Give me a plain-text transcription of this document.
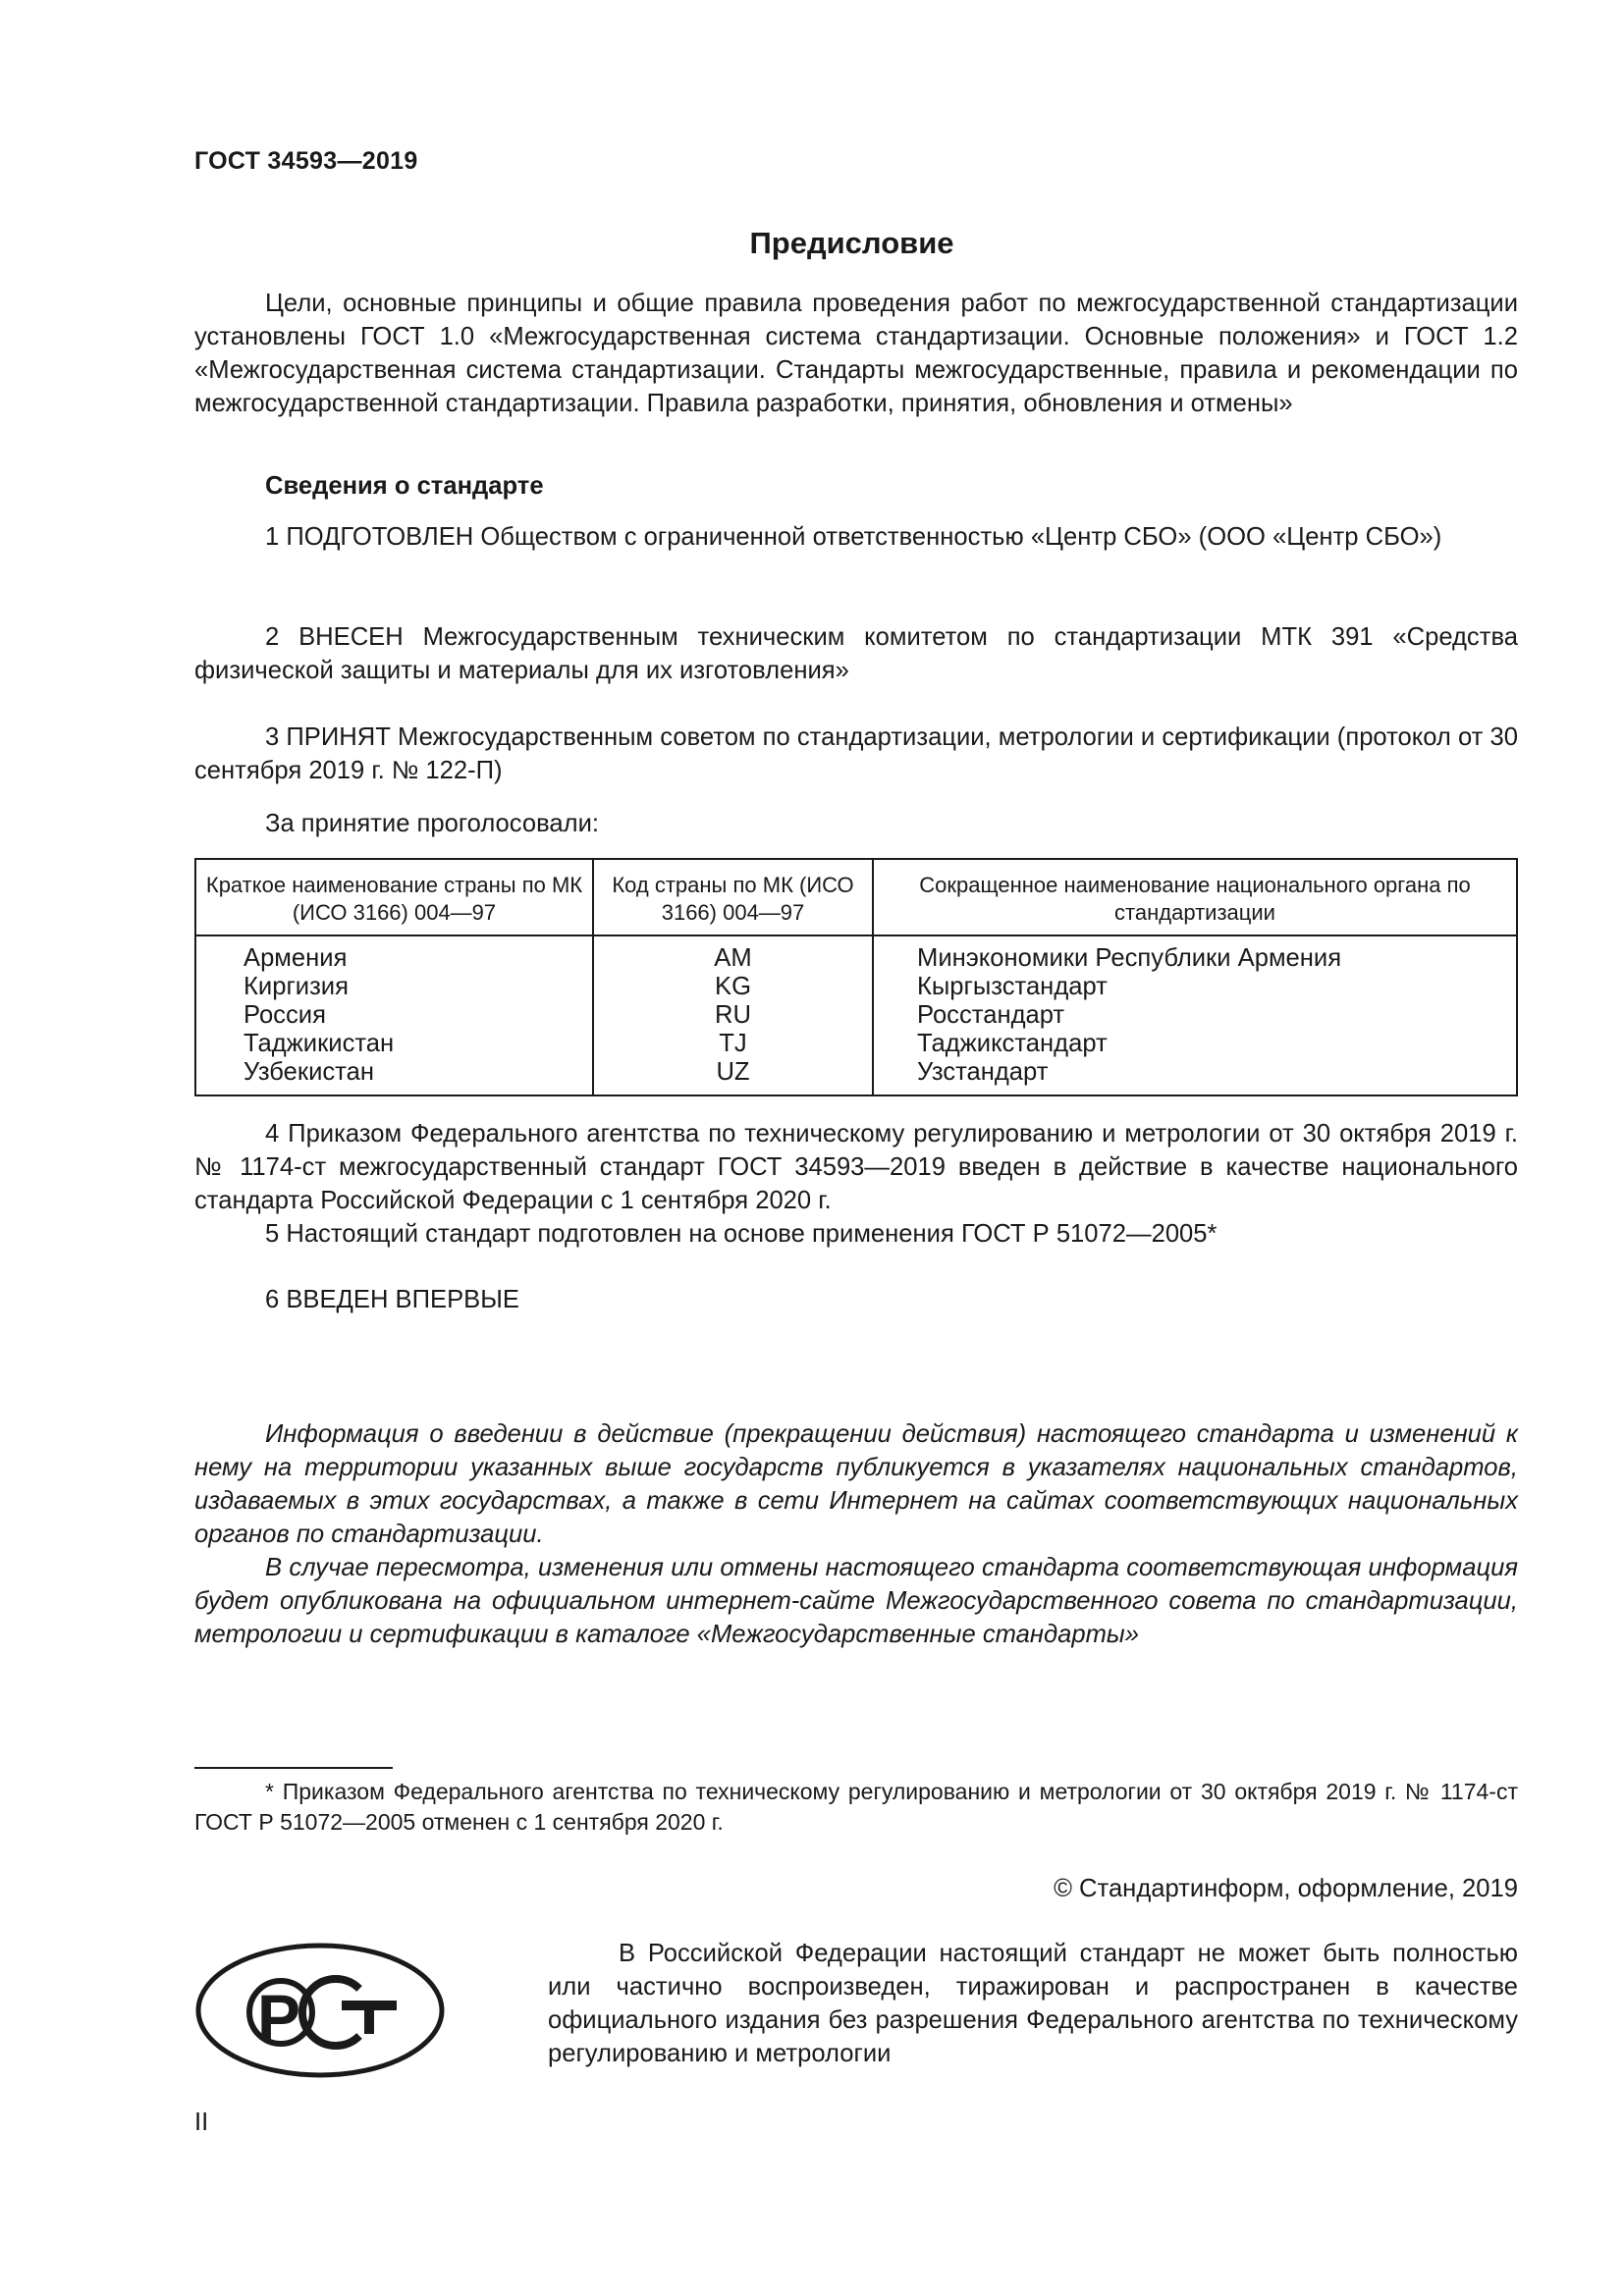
ГОСТ 34593—2019
Предисловие

Цели, основные принципы и общие правила проведения работ по межгосударственной стандартизации установлены ГОСТ 1.0 «Межгосударственная система стандартизации. Основные положения» и ГОСТ 1.2 «Межгосударственная система стандартизации. Стандарты межгосударственные, правила и рекомендации по межгосударственной стандартизации. Правила разработки, принятия, обновления и отмены»

Сведения о стандарте

1 ПОДГОТОВЛЕН Обществом с ограниченной ответственностью «Центр СБО» (ООО «Центр СБО»)

2 ВНЕСЕН Межгосударственным техническим комитетом по стандартизации МТК 391 «Средства физической защиты и материалы для их изготовления»

3 ПРИНЯТ Межгосударственным советом по стандартизации, метрологии и сертификации (протокол от 30 сентября 2019 г. № 122-П)

За принятие проголосовали:

Краткое наименование страны по МК (ИСО 3166) 004—97	Код страны по МК (ИСО 3166) 004—97	Сокращенное наименование национального органа по стандартизации
Армения	AM	Минэкономики Республики Армения
Киргизия	KG	Кыргызстандарт
Россия	RU	Росстандарт
Таджикистан	TJ	Таджикстандарт
Узбекистан	UZ	Узстандарт

4 Приказом Федерального агентства по техническому регулированию и метрологии от 30 октября 2019 г. № 1174-ст межгосударственный стандарт ГОСТ 34593—2019 введен в действие в качестве национального стандарта Российской Федерации с 1 сентября 2020 г.

5 Настоящий стандарт подготовлен на основе применения ГОСТ Р 51072—2005*

6 ВВЕДЕН ВПЕРВЫЕ

Информация о введении в действие (прекращении действия) настоящего стандарта и изменений к нему на территории указанных выше государств публикуется в указателях национальных стандартов, издаваемых в этих государствах, а также в сети Интернет на сайтах соответствующих национальных органов по стандартизации.

В случае пересмотра, изменения или отмены настоящего стандарта соответствующая информация будет опубликована на официальном интернет-сайте Межгосударственного совета по стандартизации, метрологии и сертификации в каталоге «Межгосударственные стандарты»

* Приказом Федерального агентства по техническому регулированию и метрологии от 30 октября 2019 г. № 1174-ст ГОСТ Р 51072—2005 отменен с 1 сентября 2020 г.

© Стандартинформ, оформление, 2019
P

В Российской Федерации настоящий стандарт не может быть полностью или частично воспроизведен, тиражирован и распространен в качестве официального издания без разрешения Федерального агентства по техническому регулированию и метрологии

II
